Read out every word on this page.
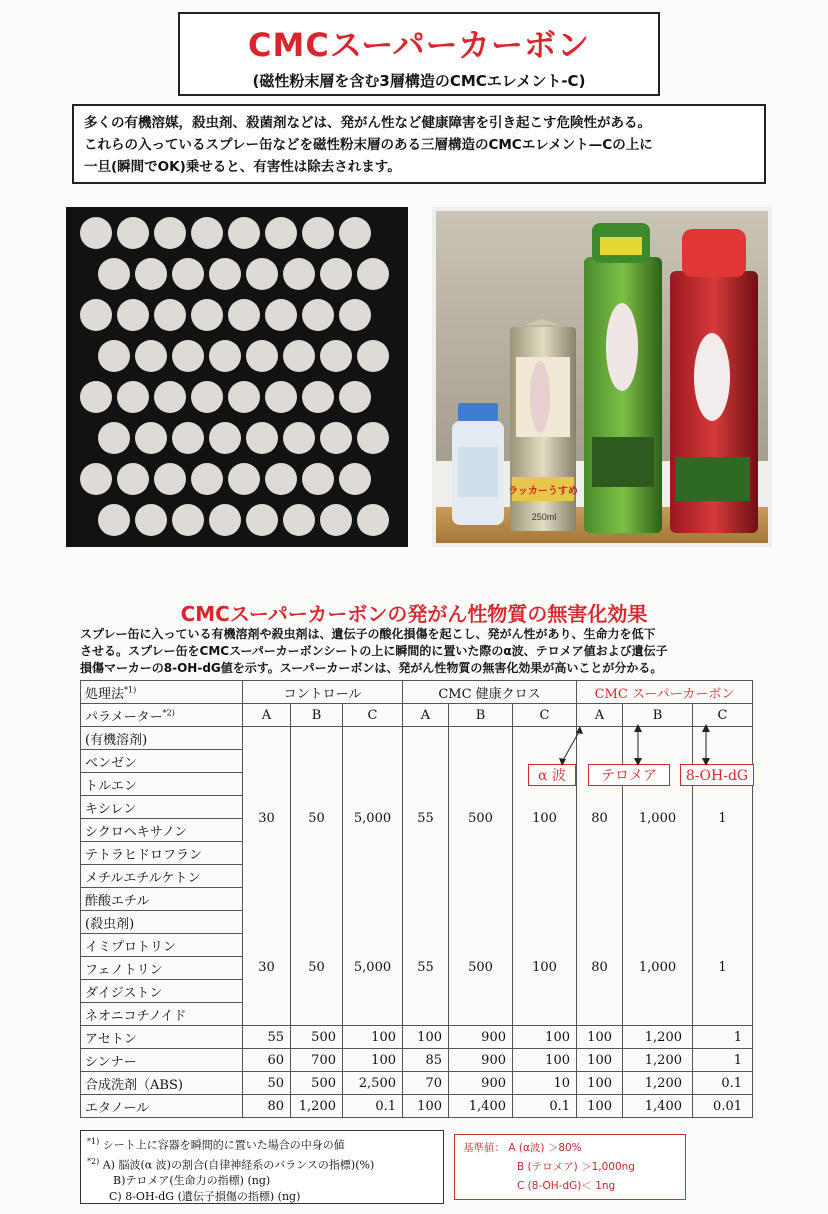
CMCスーパーカーボン
(磁性粉末層を含む3層構造のCMCエレメント-C)
多くの有機溶媒，殺虫剤、殺菌剤などは、発がん性など健康障害を引き起こす危険性がある。
これらの入っているスプレー缶などを磁性粉末層のある三層構造のCMCエレメント—Cの上に
一旦(瞬間でOK)乗せると、有害性は除去されます。
ラッカーうすめ
250ml
CMCスーパーカーボンの発がん性物質の無害化効果
スプレー缶に入っている有機溶剤や殺虫剤は、遺伝子の酸化損傷を起こし、発がん性があり、生命力を低下
させる。スプレー缶をCMCスーパーカーボンシートの上に瞬間的に置いた際のα波、テロメア値および遺伝子
損傷マーカーの8-OH-dG値を示す。スーパーカーボンは、発がん性物質の無害化効果が高いことが分かる。
処理法$^{*1)}$	コントロール			CMC 健康クロス			CMC スーパーカーボン		
パラメーター$^{*2)}$	A	B	C	A	B	C	A	B	C
(有機溶剤)	30	50	5,000	55	500	100	80	1,000	1
ベンゼン									
トルエン									
キシレン									
シクロヘキサノン									
テトラヒドロフラン									
メチルエチルケトン									
酢酸エチル									
(殺虫剤)	30	50	5,000	55	500	100	80	1,000	1
イミプロトリン									
フェノトリン									
ダイジストン									
ネオニコチノイド									
アセトン	55	500	100	100	900	100	100	1,200	1
シンナー	60	700	100	85	900	100	100	1,200	1
合成洗剤（ABS)	50	500	2,500	70	900	10	100	1,200	0.1
エタノール	80	1,200	0.1	100	1,400	0.1	100	1,400	0.01
α 波	テロメア	8-OH-dG
$^{*1)}$ シート上に容器を瞬間的に置いた場合の中身の値
$^{*2)}$ A) 脳波(α 波)の割合(自律神経系のバランスの指標)(%)
B)テロメア(生命力の指標) (ng)
C) 8-OH-dG (遺伝子損傷の指標) (ng)
基準値： A (α波) ＞80%
B (テロメア) ＞1,000ng
C (8-OH-dG)＜ 1ng
